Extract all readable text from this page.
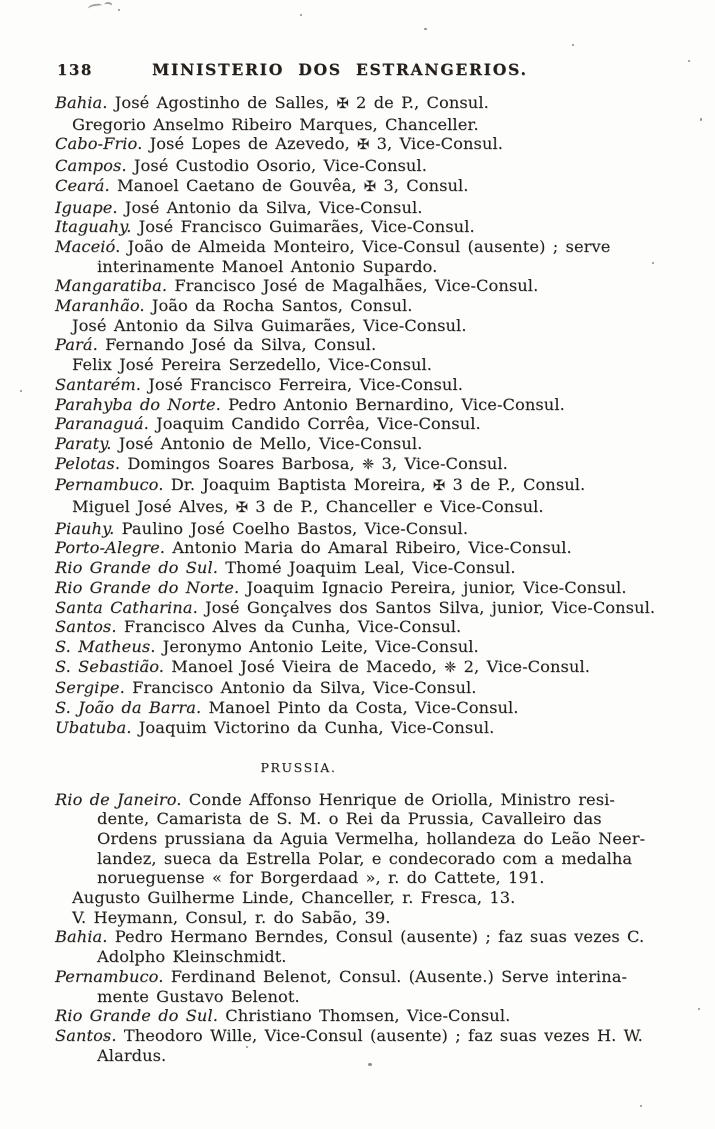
138	MINISTERIO DOS ESTRANGERIOS.
Bahia. José Agostinho de Salles, ✠ 2 de P., Consul.
Gregorio Anselmo Ribeiro Marques, Chanceller.
Cabo-Frio. José Lopes de Azevedo, ✠ 3, Vice-Consul.
Campos. José Custodio Osorio, Vice-Consul.
Ceará. Manoel Caetano de Gouvêa, ✠ 3, Consul.
Iguape. José Antonio da Silva, Vice-Consul.
Itaguahy. José Francisco Guimarães, Vice-Consul.
Maceió. João de Almeida Monteiro, Vice-Consul (ausente) ; serve
interinamente Manoel Antonio Supardo.
Mangaratiba. Francisco José de Magalhães, Vice-Consul.
Maranhão. João da Rocha Santos, Consul.
José Antonio da Silva Guimarães, Vice-Consul.
Pará. Fernando José da Silva, Consul.
Felix José Pereira Serzedello, Vice-Consul.
Santarém. José Francisco Ferreira, Vice-Consul.
Parahyba do Norte. Pedro Antonio Bernardino, Vice-Consul.
Paranaguá. Joaquim Candido Corrêa, Vice-Consul.
Paraty. José Antonio de Mello, Vice-Consul.
Pelotas. Domingos Soares Barbosa, ❈ 3, Vice-Consul.
Pernambuco. Dr. Joaquim Baptista Moreira, ✠ 3 de P., Consul.
Miguel José Alves, ✠ 3 de P., Chanceller e Vice-Consul.
Piauhy. Paulino José Coelho Bastos, Vice-Consul.
Porto-Alegre. Antonio Maria do Amaral Ribeiro, Vice-Consul.
Rio Grande do Sul. Thomé Joaquim Leal, Vice-Consul.
Rio Grande do Norte. Joaquim Ignacio Pereira, junior, Vice-Consul.
Santa Catharina. José Gonçalves dos Santos Silva, junior, Vice-Consul.
Santos. Francisco Alves da Cunha, Vice-Consul.
S. Matheus. Jeronymo Antonio Leite, Vice-Consul.
S. Sebastião. Manoel José Vieira de Macedo, ❈ 2, Vice-Consul.
Sergipe. Francisco Antonio da Silva, Vice-Consul.
S. João da Barra. Manoel Pinto da Costa, Vice-Consul.
Ubatuba. Joaquim Victorino da Cunha, Vice-Consul.
PRUSSIA.
Rio de Janeiro. Conde Affonso Henrique de Oriolla, Ministro resi-
dente, Camarista de S. M. o Rei da Prussia, Cavalleiro das
Ordens prussiana da Aguia Vermelha, hollandeza do Leão Neer-
landez, sueca da Estrella Polar, e condecorado com a medalha
norueguense « for Borgerdaad », r. do Cattete, 191.
Augusto Guilherme Linde, Chanceller, r. Fresca, 13.
V. Heymann, Consul, r. do Sabão, 39.
Bahia. Pedro Hermano Berndes, Consul (ausente) ; faz suas vezes C.
Adolpho Kleinschmidt.
Pernambuco. Ferdinand Belenot, Consul. (Ausente.) Serve interina-
mente Gustavo Belenot.
Rio Grande do Sul. Christiano Thomsen, Vice-Consul.
Santos. Theodoro Wille, Vice-Consul (ausente) ; faz suas vezes H. W.
Alardus.
